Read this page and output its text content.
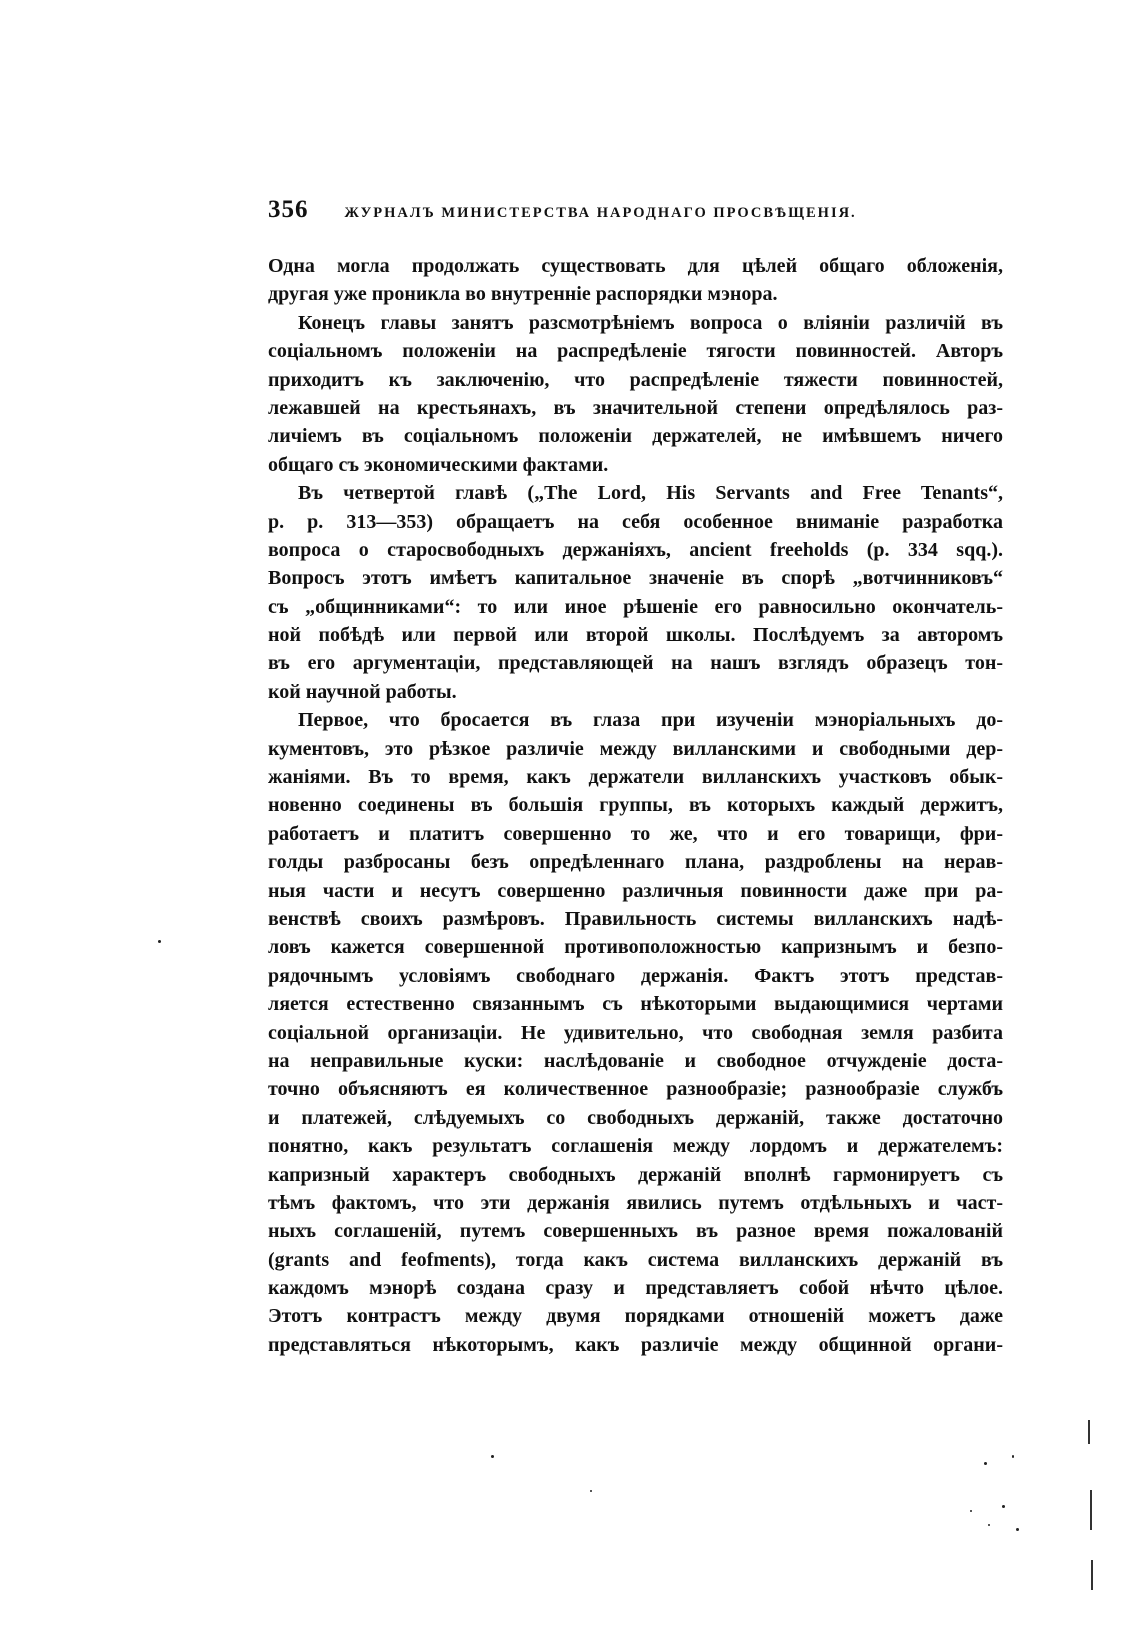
356 ЖУРНАЛЪ МИНИСТЕРСТВА НАРОДНАГО ПРОСВѢЩЕНІЯ.
Одна могла продолжать существовать для цѣлей общаго обложенія,
другая уже проникла во внутреннiе распорядки мэнора.
Конецъ главы занятъ разсмотрѣніемъ вопроса о вліяніи различiй въ
соціальномъ положеніи на распредѣленiе тягости повинностей. Авторъ
приходитъ къ заключенію, что распредѣленіе тяжести повинностей,
лежавшей на крестьянахъ, въ значительной степени опредѣлялось раз-
личіемъ въ соціальномъ положеніи держателей, не имѣвшемъ ничего
общаго съ экономическими фактами.
Въ четвертой главѣ („The Lord, His Servants and Free Tenants“,
p. p. 313—353) обращаетъ на себя особенное вниманіе разработка
вопроса о старосвободныхъ держаніяхъ, ancient freeholds (p. 334 sqq.).
Вопросъ этотъ имѣетъ капитальное значеніе въ спорѣ „вотчинниковъ“
съ „общинниками“: то или иное рѣшеніе его равносильно окончатель-
ной побѣдѣ или первой или второй школы. Послѣдуемъ за авторомъ
въ его аргументаціи, представляющей на нашъ взглядъ образецъ тон-
кой научной работы.
Первое, что бросается въ глаза при изученіи мэноріальныхъ до-
кументовъ, это рѣзкое различіе между вилланскими и свободными дер-
жаніями. Въ то время, какъ держатели вилланскихъ участковъ обык-
новенно соединены въ большія группы, въ которыхъ каждый держитъ,
работаетъ и платитъ совершенно то же, что и его товарищи, фри-
голды разбросаны безъ опредѣленнаго плана, раздроблены на нерав-
ныя части и несутъ совершенно различныя повинности даже при ра-
венствѣ своихъ размѣровъ. Правильность системы вилланскихъ надѣ-
ловъ кажется совершенной противоположностью капризнымъ и безпо-
рядочнымъ условіямъ свободнаго держанія. Фактъ этотъ представ-
ляется естественно связаннымъ съ нѣкоторыми выдающимися чертами
соціальной организаціи. Не удивительно, что свободная земля разбита
на неправильные куски: наслѣдованіе и свободное отчужденіе доста-
точно объясняютъ ея количественное разнообразіе; разнообразіе службъ
и платежей, слѣдуемыхъ со свободныхъ держаній, также достаточно
понятно, какъ результатъ соглашенія между лордомъ и держателемъ:
капризный характеръ свободныхъ держаній вполнѣ гармонируетъ съ
тѣмъ фактомъ, что эти держанія явились путемъ отдѣльныхъ и част-
ныхъ соглашеній, путемъ совершенныхъ въ разное время пожалованій
(grants and feofments), тогда какъ система вилланскихъ держаній въ
каждомъ мэнорѣ создана сразу и представляетъ собой нѣчто цѣлое.
Этотъ контрастъ между двумя порядками отношеній можетъ даже
представляться нѣкоторымъ, какъ различіе между общинной органи-
